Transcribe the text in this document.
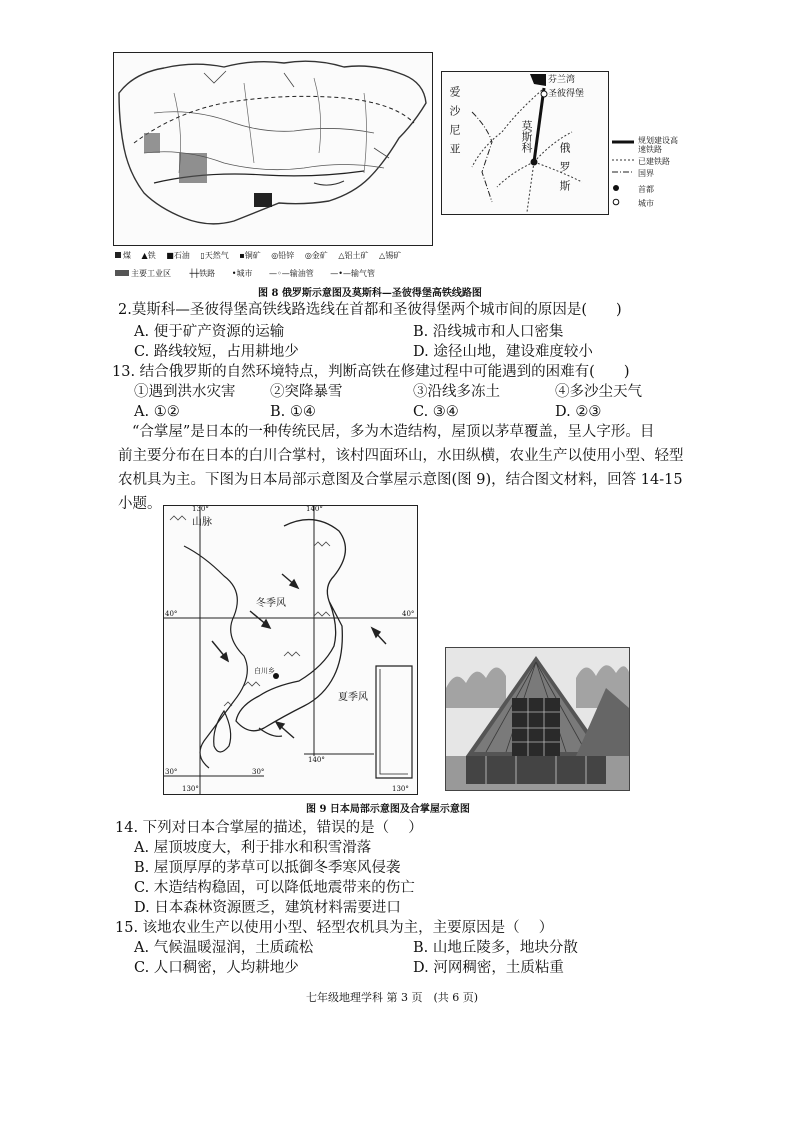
芬兰湾
圣彼得堡
爱沙尼亚	莫斯科
俄罗斯
规划建设高速铁路
已建铁路
国界
首都
城市
煤 ▲铁 ■石油 ▯天然气 ▪铜矿 ◎铅锌 ◎金矿 △铝土矿 △锡矿
主要工业区 ┼┼铁路 •城市 —◦—输油管 —•—输气管
图 8 俄罗斯示意图及莫斯科—圣彼得堡高铁线路图
2.莫斯科—圣彼得堡高铁线路选线在首都和圣彼得堡两个城市间的原因是(　　)
A. 便于矿产资源的运输	B. 沿线城市和人口密集
C. 路线较短，占用耕地少	D. 途径山地，建设难度较小
13. 结合俄罗斯的自然环境特点，判断高铁在修建过程中可能遇到的困难有(　　)
①遇到洪水灾害 ②突降暴雪	③沿线多冻土	④多沙尘天气
A. ①②	B. ①④	C. ③④	D. ②③
“合掌屋”是日本的一种传统民居，多为木造结构，屋顶以茅草覆盖，呈人字形。目
前主要分布在日本的白川合掌村，该村四面环山，水田纵横，农业生产以使用小型、轻型
农机具为主。下图为日本局部示意图及合掌屋示意图(图 9)，结合图文材料，回答 14-15
小题。	130°	140°
40°	40°
30°	30°
130°
140°
130°
山脉
冬季风
夏季风
白川乡
图 9 日本局部示意图及合掌屋示意图
14. 下列对日本合掌屋的描述，错误的是（　 ）
A. 屋顶坡度大，利于排水和积雪滑落
B. 屋顶厚厚的茅草可以抵御冬季寒风侵袭
C. 木造结构稳固，可以降低地震带来的伤亡
D. 日本森林资源匮乏，建筑材料需要进口
15. 该地农业生产以使用小型、轻型农机具为主，主要原因是（　 ）
A. 气候温暖湿润，土质疏松	B. 山地丘陵多，地块分散
C. 人口稠密，人均耕地少	D. 河网稠密，土质粘重
七年级地理学科 第 3 页　(共 6 页)
